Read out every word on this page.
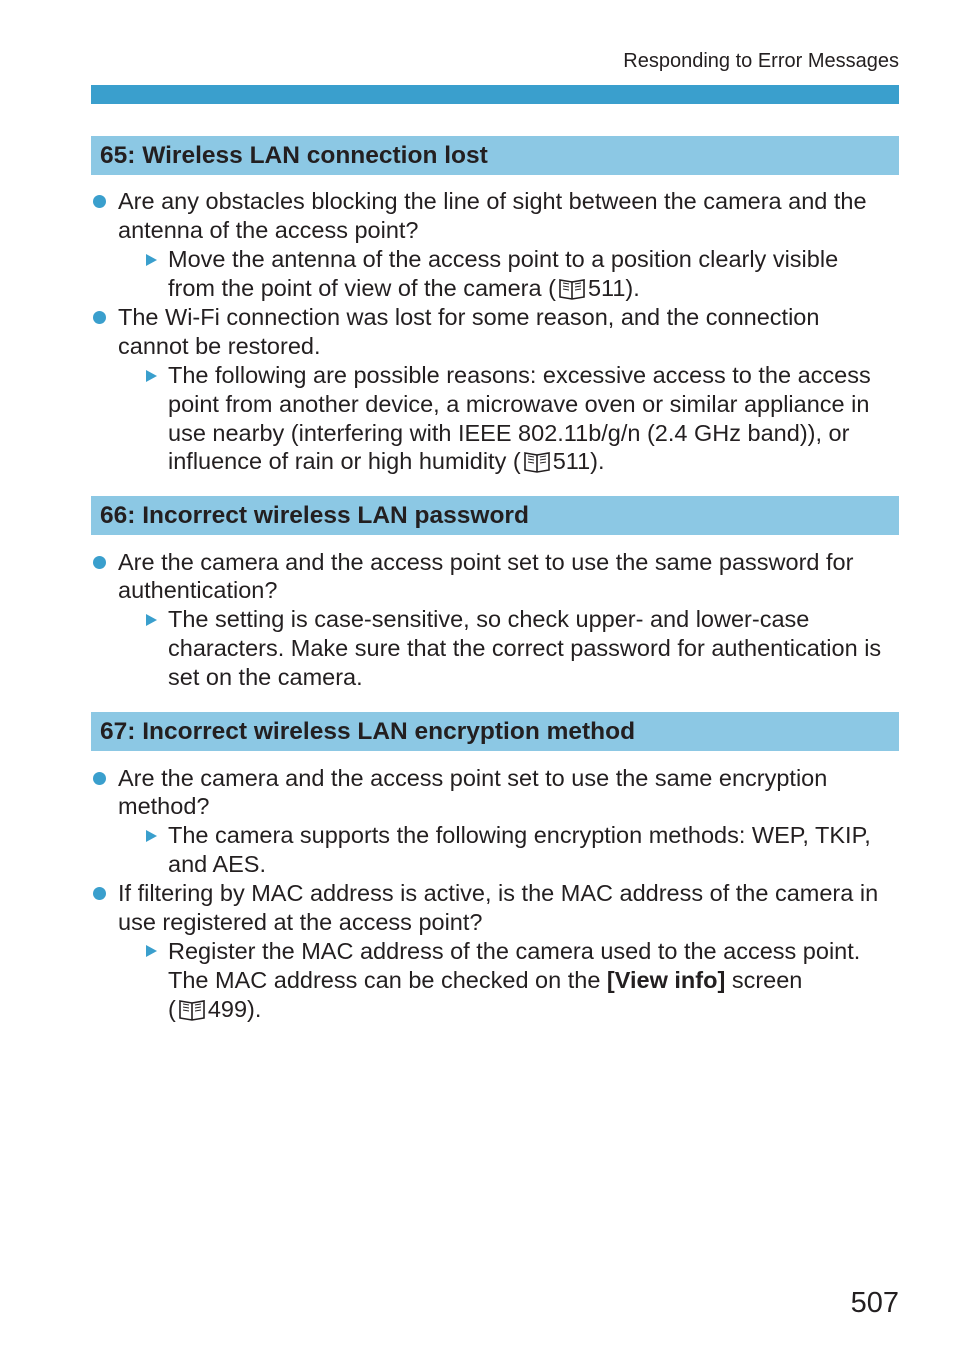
Responding to Error Messages
65: Wireless LAN connection lost
Are any obstacles blocking the line of sight between the camera and the
antenna of the access point?
Move the antenna of the access point to a position clearly visible
from the point of view of the camera ( 511).
The Wi-Fi connection was lost for some reason, and the connection
cannot be restored.
The following are possible reasons: excessive access to the access
point from another device, a microwave oven or similar appliance in
use nearby (interfering with IEEE 802.11b/g/n (2.4 GHz band)), or
influence of rain or high humidity ( 511).
66: Incorrect wireless LAN password
Are the camera and the access point set to use the same password for
authentication?
The setting is case-sensitive, so check upper- and lower-case
characters. Make sure that the correct password for authentication is
set on the camera.
67: Incorrect wireless LAN encryption method
Are the camera and the access point set to use the same encryption
method?
The camera supports the following encryption methods: WEP, TKIP,
and AES.
If filtering by MAC address is active, is the MAC address of the camera in
use registered at the access point?
Register the MAC address of the camera used to the access point.
The MAC address can be checked on the [View info] screen
( 499).
507
